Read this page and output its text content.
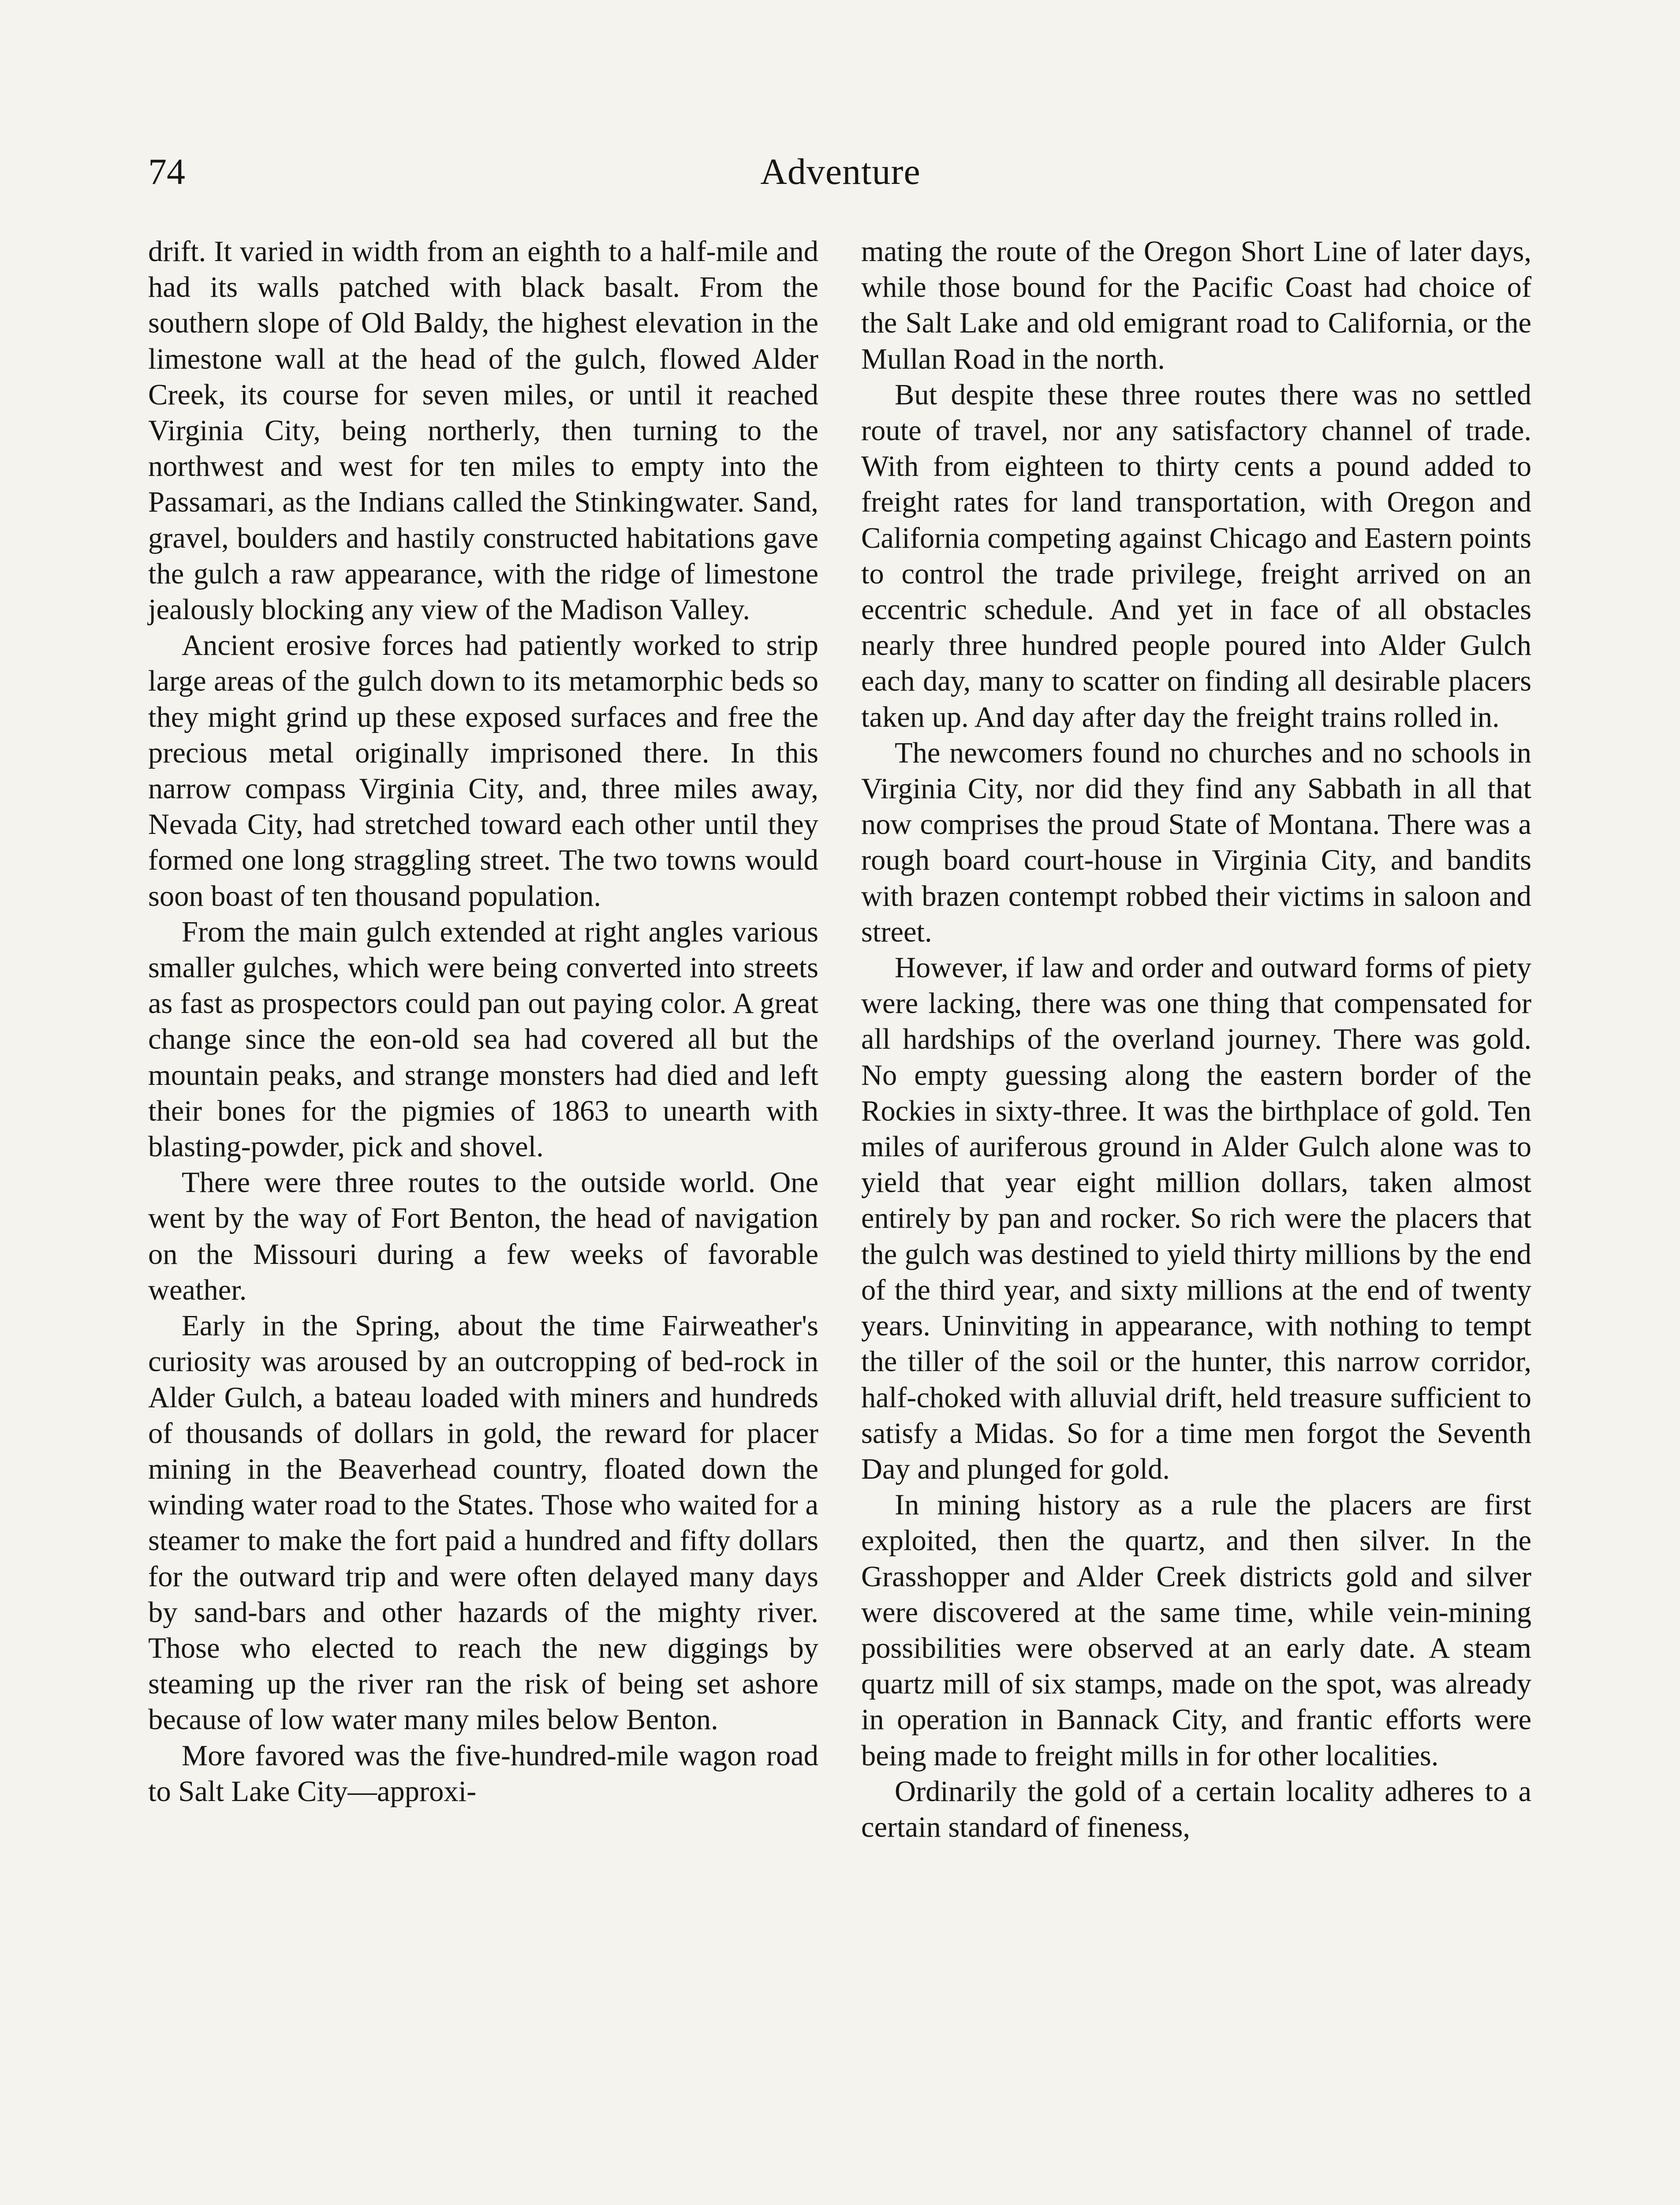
74	Adventure

drift. It varied in width from an eighth to a half-mile and had its walls patched with black basalt. From the southern slope of Old Baldy, the highest elevation in the limestone wall at the head of the gulch, flowed Alder Creek, its course for seven miles, or until it reached Virginia City, being northerly, then turning to the northwest and west for ten miles to empty into the Passamari, as the Indians called the Stinkingwater. Sand, gravel, boulders and hastily constructed habitations gave the gulch a raw appearance, with the ridge of limestone jealously blocking any view of the Madison Valley.

Ancient erosive forces had patiently worked to strip large areas of the gulch down to its metamorphic beds so they might grind up these exposed surfaces and free the precious metal originally imprisoned there. In this narrow compass Virginia City, and, three miles away, Nevada City, had stretched toward each other until they formed one long straggling street. The two towns would soon boast of ten thousand population.

From the main gulch extended at right angles various smaller gulches, which were being converted into streets as fast as prospectors could pan out paying color. A great change since the eon-old sea had covered all but the mountain peaks, and strange monsters had died and left their bones for the pigmies of 1863 to unearth with blasting-powder, pick and shovel.

There were three routes to the outside world. One went by the way of Fort Benton, the head of navigation on the Missouri during a few weeks of favorable weather.

Early in the Spring, about the time Fairweather's curiosity was aroused by an outcropping of bed-rock in Alder Gulch, a bateau loaded with miners and hundreds of thousands of dollars in gold, the reward for placer mining in the Beaverhead country, floated down the winding water road to the States. Those who waited for a steamer to make the fort paid a hundred and fifty dollars for the outward trip and were often delayed many days by sand-bars and other hazards of the mighty river. Those who elected to reach the new diggings by steaming up the river ran the risk of being set ashore because of low water many miles below Benton.

More favored was the five-hundred-mile wagon road to Salt Lake City—approxi-

mating the route of the Oregon Short Line of later days, while those bound for the Pacific Coast had choice of the Salt Lake and old emigrant road to California, or the Mullan Road in the north.

But despite these three routes there was no settled route of travel, nor any satisfactory channel of trade. With from eighteen to thirty cents a pound added to freight rates for land transportation, with Oregon and California competing against Chicago and Eastern points to control the trade privilege, freight arrived on an eccentric schedule. And yet in face of all obstacles nearly three hundred people poured into Alder Gulch each day, many to scatter on finding all desirable placers taken up. And day after day the freight trains rolled in.

The newcomers found no churches and no schools in Virginia City, nor did they find any Sabbath in all that now comprises the proud State of Montana. There was a rough board court-house in Virginia City, and bandits with brazen contempt robbed their victims in saloon and street.

However, if law and order and outward forms of piety were lacking, there was one thing that compensated for all hardships of the overland journey. There was gold. No empty guessing along the eastern border of the Rockies in sixty-three. It was the birthplace of gold. Ten miles of auriferous ground in Alder Gulch alone was to yield that year eight million dollars, taken almost entirely by pan and rocker. So rich were the placers that the gulch was destined to yield thirty millions by the end of the third year, and sixty millions at the end of twenty years. Uninviting in appearance, with nothing to tempt the tiller of the soil or the hunter, this narrow corridor, half-choked with alluvial drift, held treasure sufficient to satisfy a Midas. So for a time men forgot the Seventh Day and plunged for gold.

In mining history as a rule the placers are first exploited, then the quartz, and then silver. In the Grasshopper and Alder Creek districts gold and silver were discovered at the same time, while vein-mining possibilities were observed at an early date. A steam quartz mill of six stamps, made on the spot, was already in operation in Bannack City, and frantic efforts were being made to freight mills in for other localities.

Ordinarily the gold of a certain locality adheres to a certain standard of fineness,
